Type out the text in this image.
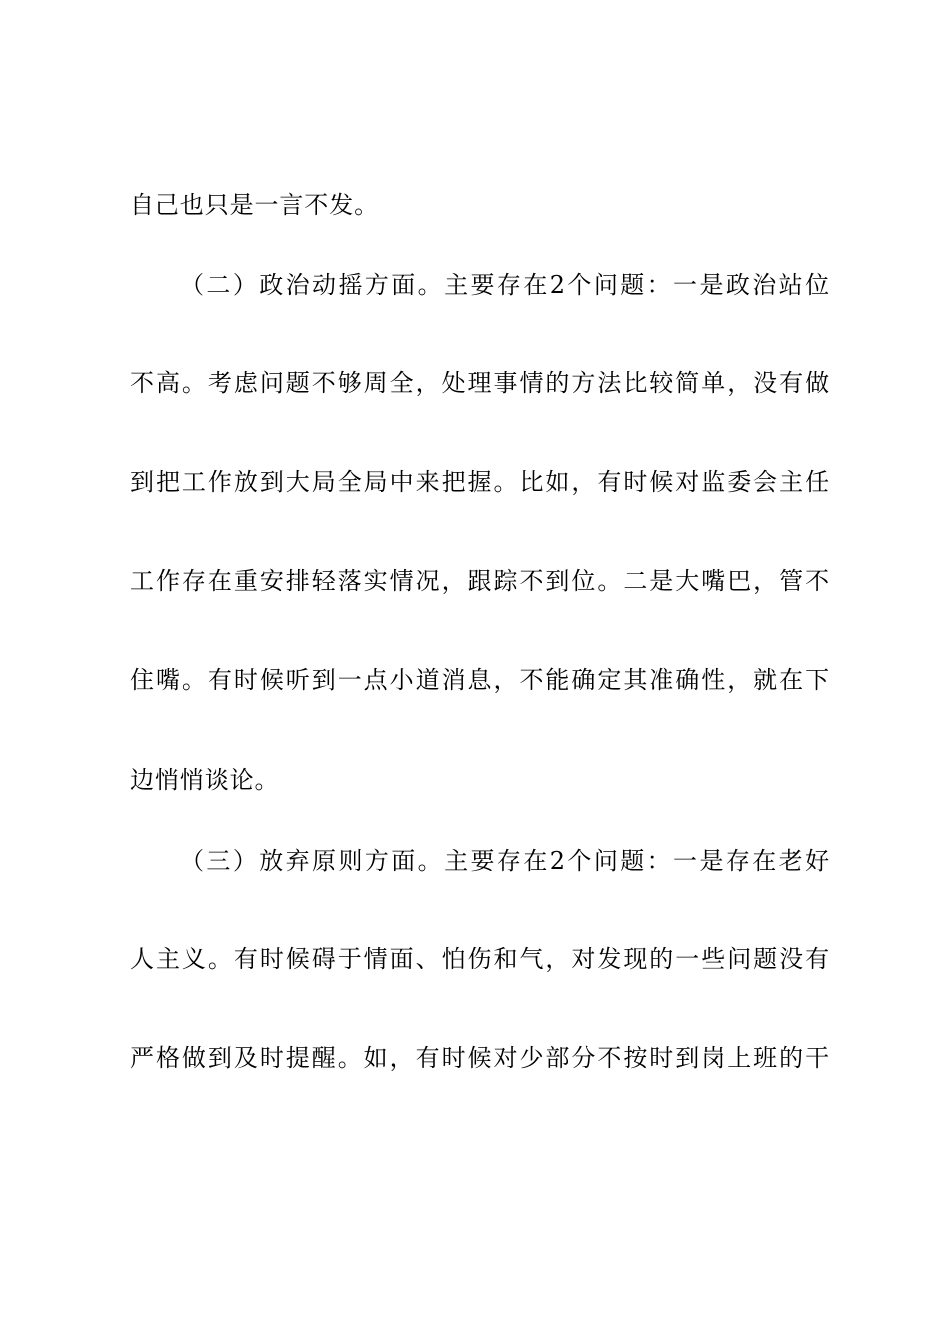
自己也只是一言不发。
（二）政治动摇方面。主要存在2个问题：一是政治站位
不高。考虑问题不够周全，处理事情的方法比较简单，没有做
到把工作放到大局全局中来把握。比如，有时候对监委会主任
工作存在重安排轻落实情况，跟踪不到位。二是大嘴巴，管不
住嘴。有时候听到一点小道消息，不能确定其准确性，就在下
边悄悄谈论。
（三）放弃原则方面。主要存在2个问题：一是存在老好
人主义。有时候碍于情面、怕伤和气，对发现的一些问题没有
严格做到及时提醒。如，有时候对少部分不按时到岗上班的干
